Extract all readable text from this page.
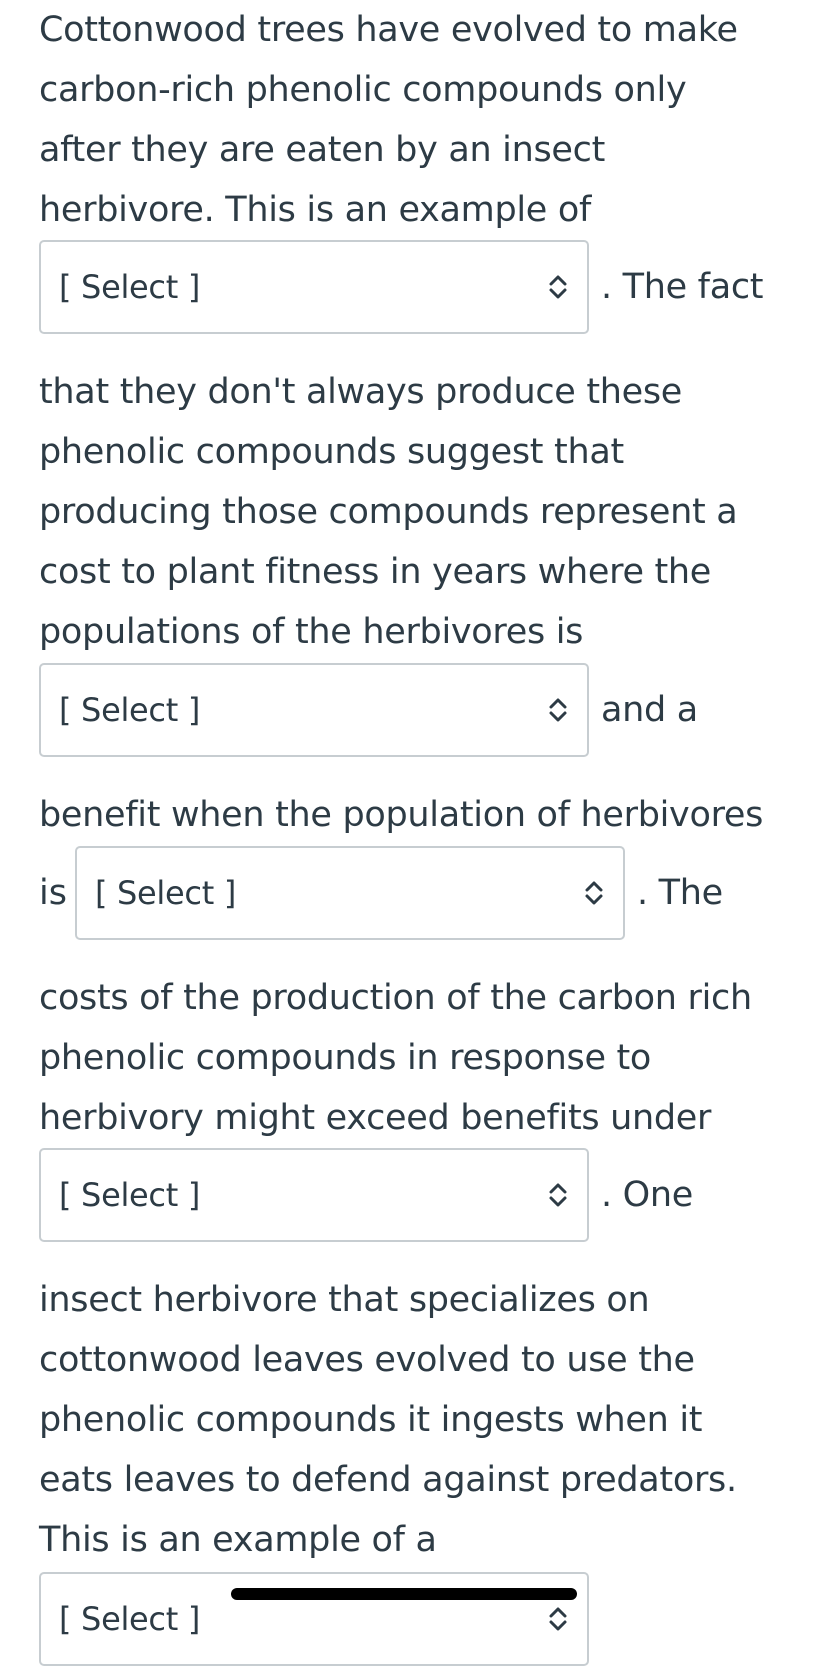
Cottonwood trees have evolved to make
carbon-rich phenolic compounds only
after they are eaten by an insect
herbivore. This is an example of
[ Select ]	. The fact
that they don't always produce these
phenolic compounds suggest that
producing those compounds represent a
cost to plant fitness in years where the
populations of the herbivores is
[ Select ]	and a
benefit when the population of herbivores
is [ Select ]	. The
costs of the production of the carbon rich
phenolic compounds in response to
herbivory might exceed benefits under
[ Select ]	. One
insect herbivore that specializes on
cottonwood leaves evolved to use the
phenolic compounds it ingests when it
eats leaves to defend against predators.
This is an example of a
[ Select ]
